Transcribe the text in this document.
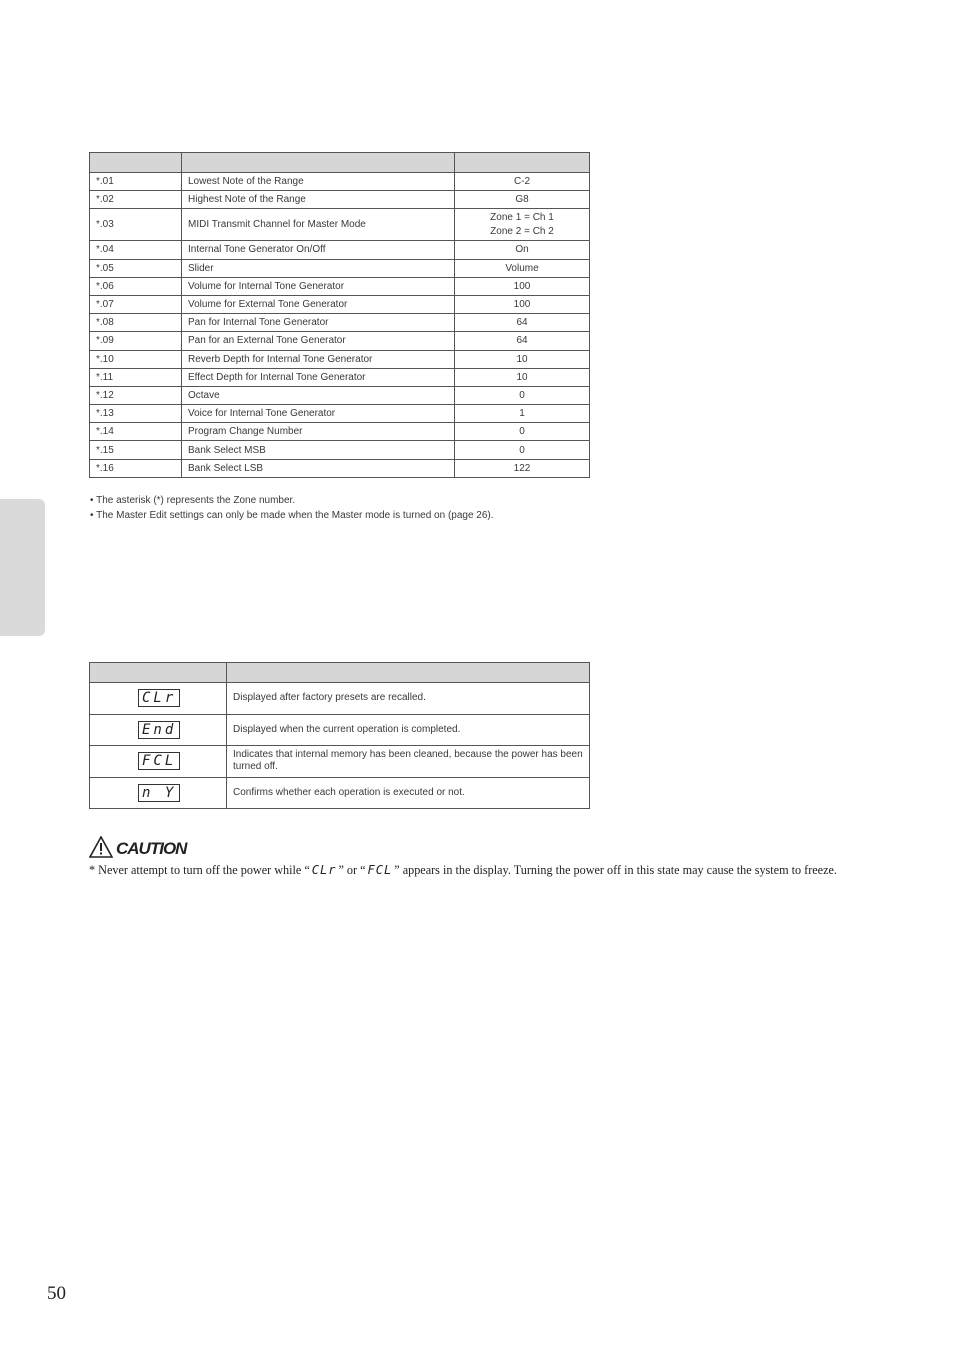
*.01	Lowest Note of the Range	C-2
*.02	Highest Note of the Range	G8
*.03	MIDI Transmit Channel for Master Mode	Zone 1 = Ch 1
Zone 2 = Ch 2
*.04	Internal Tone Generator On/Off	On
*.05	Slider	Volume
*.06	Volume for Internal Tone Generator	100
*.07	Volume for External Tone Generator	100
*.08	Pan for Internal Tone Generator	64
*.09	Pan for an External Tone Generator	64
*.10	Reverb Depth for Internal Tone Generator	10
*.11	Effect Depth for Internal Tone Generator	10
*.12	Octave	0
*.13	Voice for Internal Tone Generator	1
*.14	Program Change Number	0
*.15	Bank Select MSB	0
*.16	Bank Select LSB	122
• The asterisk (*) represents the Zone number.
• The Master Edit settings can only be made when the Master mode is turned on (page 26).

CLr	Displayed after factory presets are recalled.
End	Displayed when the current operation is completed.
FCL	Indicates that internal memory has been cleaned, because the power has been turned off.
n Y	Confirms whether each operation is executed or not.
CAUTION
* Never attempt to turn off the power while “ CLr ” or “ FCL ” appears in the display. Turning the power off in this state may cause the system to freeze.
50
